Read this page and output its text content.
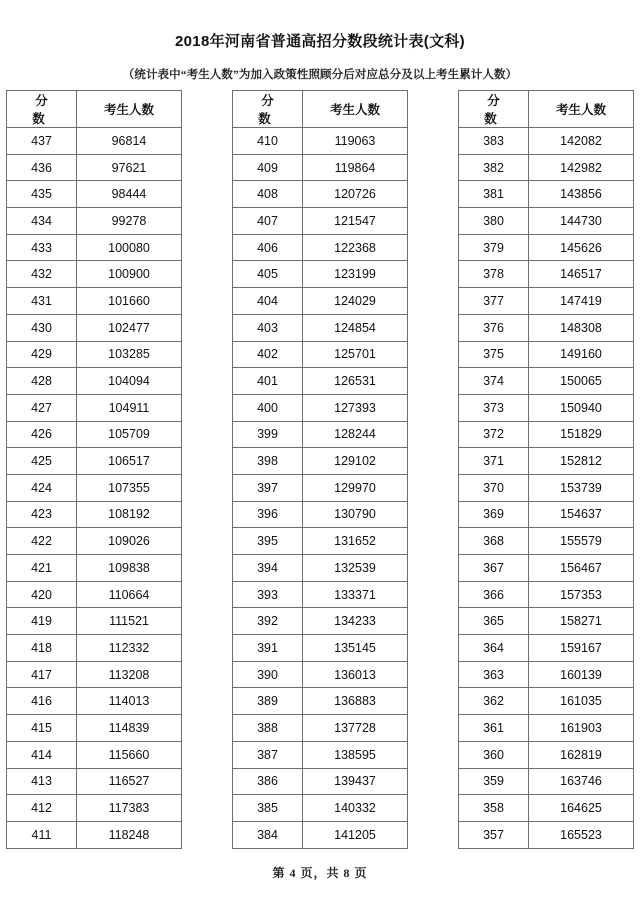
2018年河南省普通高招分数段统计表(文科)

（统计表中“考生人数”为加入政策性照顾分后对应总分及以上考生累计人数）

分　　数	考生人数
437	96814
436	97621
435	98444
434	99278
433	100080
432	100900
431	101660
430	102477
429	103285
428	104094
427	104911
426	105709
425	106517
424	107355
423	108192
422	109026
421	109838
420	110664
419	111521
418	112332
417	113208
416	114013
415	114839
414	115660
413	116527
412	117383
411	118248
分　　数	考生人数
410	119063
409	119864
408	120726
407	121547
406	122368
405	123199
404	124029
403	124854
402	125701
401	126531
400	127393
399	128244
398	129102
397	129970
396	130790
395	131652
394	132539
393	133371
392	134233
391	135145
390	136013
389	136883
388	137728
387	138595
386	139437
385	140332
384	141205
分　　数	考生人数
383	142082
382	142982
381	143856
380	144730
379	145626
378	146517
377	147419
376	148308
375	149160
374	150065
373	150940
372	151829
371	152812
370	153739
369	154637
368	155579
367	156467
366	157353
365	158271
364	159167
363	160139
362	161035
361	161903
360	162819
359	163746
358	164625
357	165523
第 4 页，共 8 页
